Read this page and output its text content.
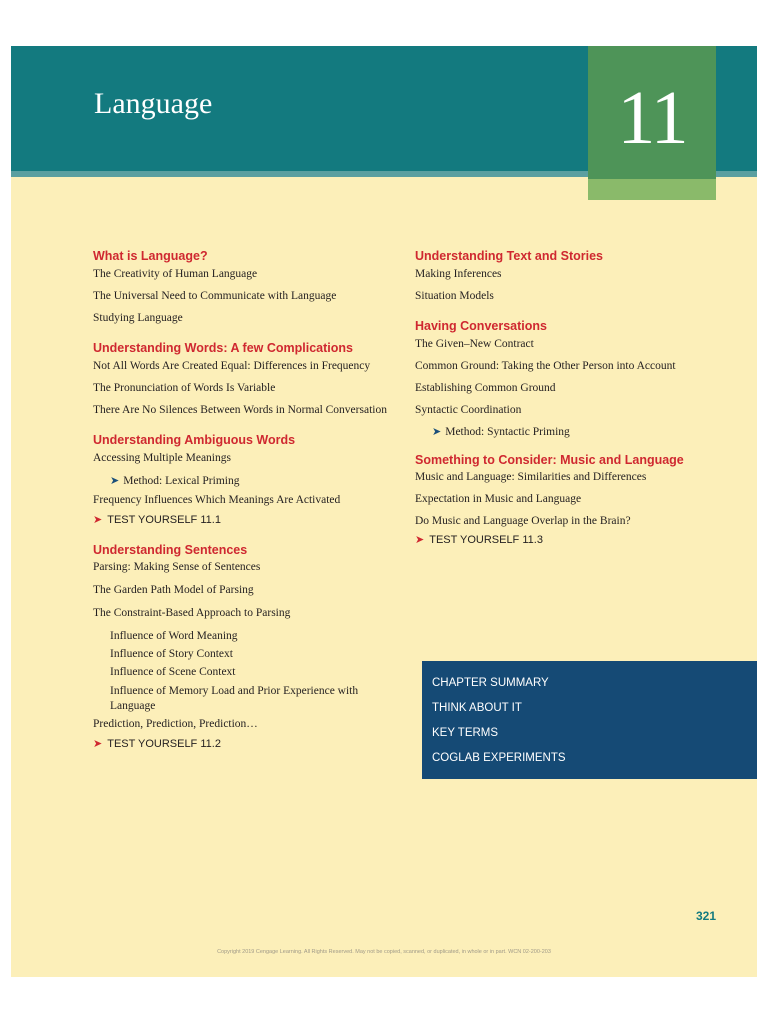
Language	11
What is Language?
The Creativity of Human Language
The Universal Need to Communicate with Language
Studying Language
Understanding Words: A few Complications
Not All Words Are Created Equal: Differences in Frequency
The Pronunciation of Words Is Variable
There Are No Silences Between Words in Normal Conversation
Understanding Ambiguous Words
Accessing Multiple Meanings
➤ Method: Lexical Priming
Frequency Influences Which Meanings Are Activated
➤ TEST YOURSELF 11.1
Understanding Sentences
Parsing: Making Sense of Sentences
The Garden Path Model of Parsing
The Constraint-Based Approach to Parsing
Influence of Word Meaning
Influence of Story Context
Influence of Scene Context
Influence of Memory Load and Prior Experience with Language
Prediction, Prediction, Prediction…
➤ TEST YOURSELF 11.2
Understanding Text and Stories
Making Inferences
Situation Models
Having Conversations
The Given–New Contract
Common Ground: Taking the Other Person into Account
Establishing Common Ground
Syntactic Coordination
➤ Method: Syntactic Priming
Something to Consider: Music and Language
Music and Language: Similarities and Differences
Expectation in Music and Language
Do Music and Language Overlap in the Brain?
➤ TEST YOURSELF 11.3
CHAPTER SUMMARY
THINK ABOUT IT
KEY TERMS
COGLAB EXPERIMENTS
321
Copyright 2019 Cengage Learning. All Rights Reserved. May not be copied, scanned, or duplicated, in whole or in part. WCN 02-200-203
